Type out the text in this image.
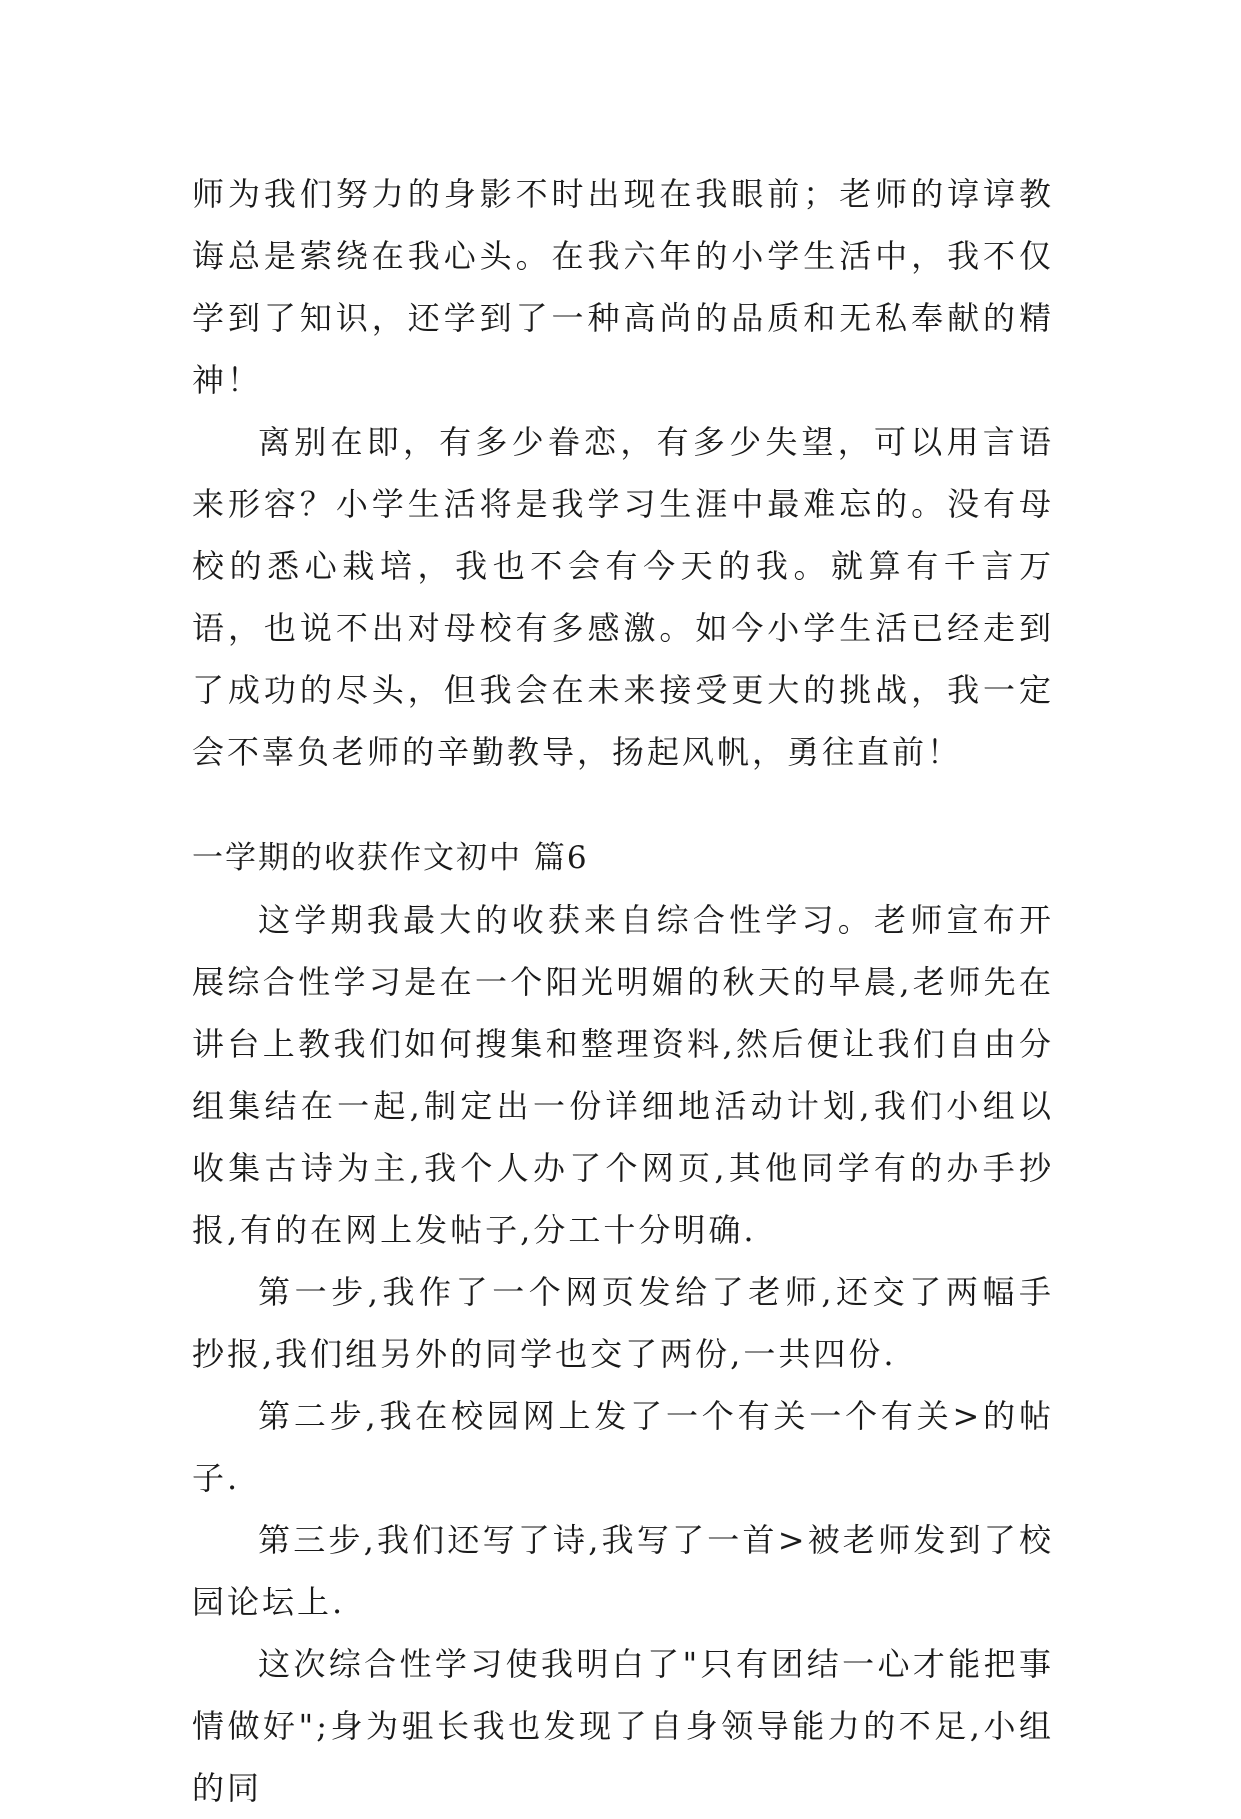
师为我们努力的身影不时出现在我眼前；老师的谆谆教诲总是萦绕在我心头。在我六年的小学生活中，我不仅学到了知识，还学到了一种高尚的品质和无私奉献的精神！

离别在即，有多少眷恋，有多少失望，可以用言语来形容？小学生活将是我学习生涯中最难忘的。没有母校的悉心栽培，我也不会有今天的我。就算有千言万语，也说不出对母校有多感激。如今小学生活已经走到了成功的尽头，但我会在未来接受更大的挑战，我一定会不辜负老师的辛勤教导，扬起风帆，勇往直前！

一学期的收获作文初中 篇6

这学期我最大的收获来自综合性学习。老师宣布开展综合性学习是在一个阳光明媚的秋天的早晨,老师先在讲台上教我们如何搜集和整理资料,然后便让我们自由分组集结在一起,制定出一份详细地活动计划,我们小组以收集古诗为主,我个人办了个网页,其他同学有的办手抄报,有的在网上发帖子,分工十分明确.

第一步,我作了一个网页发给了老师,还交了两幅手抄报,我们组另外的同学也交了两份,一共四份.

第二步,我在校园网上发了一个有关一个有关>的帖子.

第三步,我们还写了诗,我写了一首>被老师发到了校园论坛上.

这次综合性学习使我明白了"只有团结一心才能把事情做好";身为驵长我也发现了自身领导能力的不足,小组的同
